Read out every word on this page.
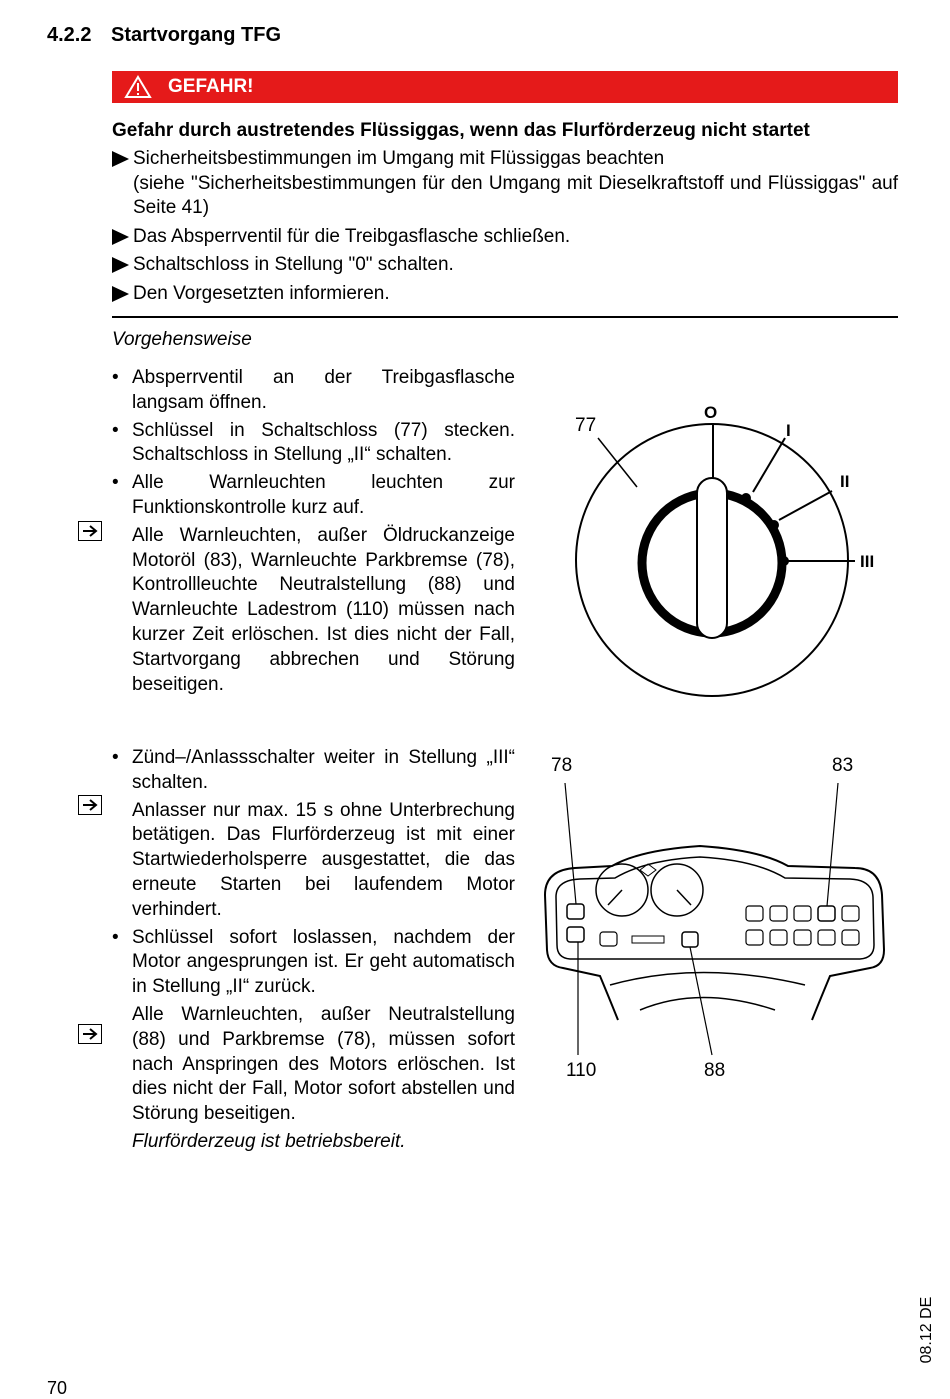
4.2.2 Startvorgang TFG
GEFAHR!
Gefahr durch austretendes Flüssiggas, wenn das Flurförderzeug nicht startet
Sicherheitsbestimmungen im Umgang mit Flüssiggas beachten
(siehe "Sicherheitsbestimmungen für den Umgang mit Dieselkraftstoff und Flüssiggas" auf Seite 41)
Das Absperrventil für die Treibgasflasche schließen.
Schaltschloss in Stellung "0" schalten.
Den Vorgesetzten informieren.
Vorgehensweise
• Absperrventil an der Treibgasflasche langsam öffnen.
• Schlüssel in Schaltschloss (77) stecken. Schaltschloss in Stellung „II“ schalten.
• Alle Warnleuchten leuchten zur Funktionskontrolle kurz auf.
Alle Warnleuchten, außer Öldruckanzeige Motoröl (83), Warnleuchte Parkbremse (78), Kontrollleuchte Neutralstellung (88) und Warnleuchte Ladestrom (110) müssen nach kurzer Zeit erlöschen. Ist dies nicht der Fall, Startvorgang abbrechen und Störung beseitigen.
• Zünd–/Anlassschalter weiter in Stellung „III“ schalten.
Anlasser nur max. 15 s ohne Unterbrechung betätigen. Das Flurförderzeug ist mit einer Startwiederholsperre ausgestattet, die das erneute Starten bei laufendem Motor verhindert.
• Schlüssel sofort loslassen, nachdem der Motor angesprungen ist. Er geht automatisch in Stellung „II“ zurück.
Alle Warnleuchten, außer Neutralstellung (88) und Parkbremse (78), müssen sofort nach Anspringen des Motors erlöschen. Ist dies nicht der Fall, Motor sofort abstellen und Störung beseitigen.
Flurförderzeug ist betriebsbereit.
77
O
I
II
III
78	83
110	88
08.12 DE
70
